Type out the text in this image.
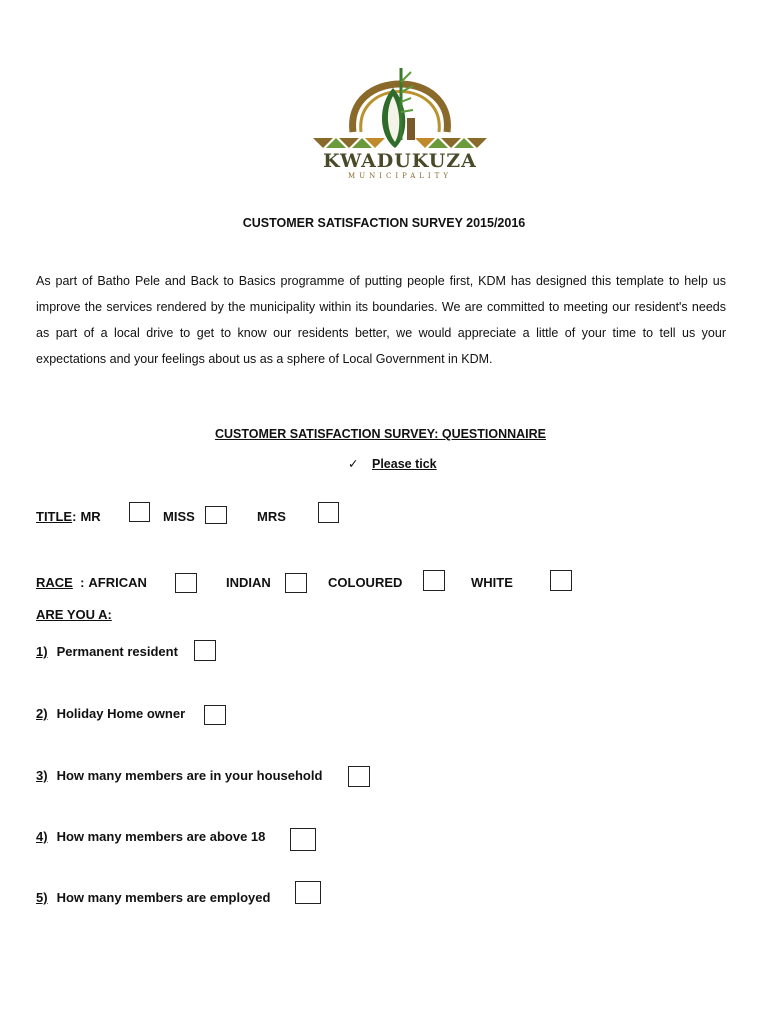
KWADUKUZA
MUNICIPALITY
CUSTOMER SATISFACTION SURVEY 2015/2016
As part of Batho Pele and Back to Basics programme of putting people first, KDM has designed this template to help us improve the services rendered by the municipality within its boundaries. We are committed to meeting our resident's needs as part of a local drive to get to know our residents better, we would appreciate a little of your time to tell us your expectations and your feelings about us as a sphere of Local Government in KDM.
CUSTOMER SATISFACTION SURVEY: QUESTIONNAIRE
✓ Please tick
TITLE: MR	MISS	MRS
RACE  : AFRICAN	INDIAN	COLOURED	WHITE
ARE YOU A:
1) Permanent resident
2) Holiday Home owner
3) How many members are in your household
4) How many members are above 18
5) How many members are employed
